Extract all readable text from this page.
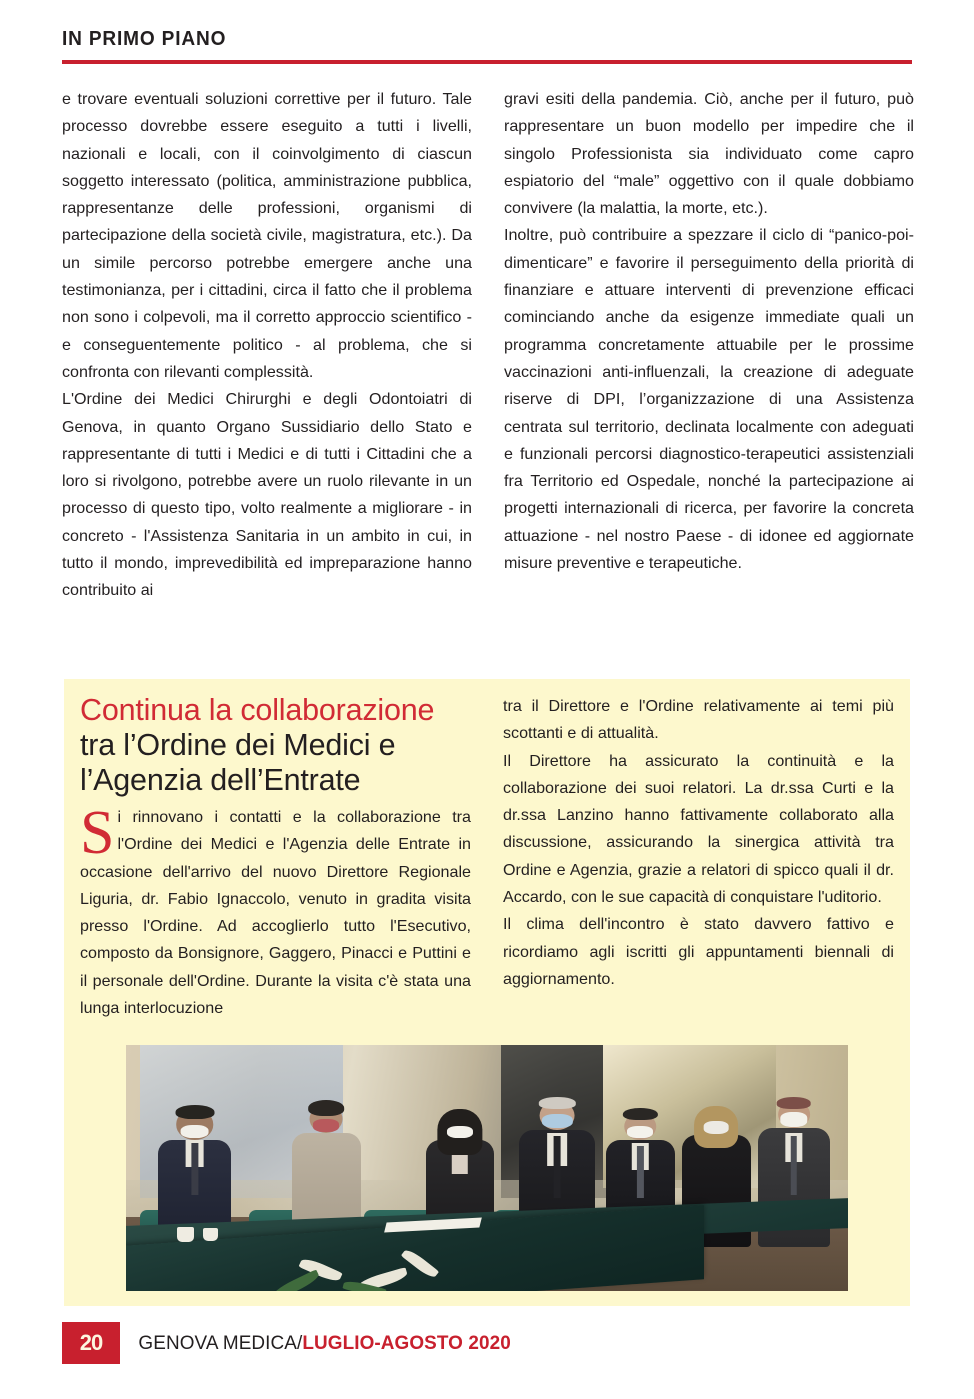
IN PRIMO PIANO

e trovare eventuali soluzioni correttive per il futuro. Tale processo dovrebbe essere eseguito a tutti i livelli, nazionali e locali, con il coinvolgimento di ciascun soggetto interessato (politica, amministrazione pubblica, rappresentanze delle professioni, organismi di partecipazione della società civile, magistratura, etc.). Da un simile percorso potrebbe emergere anche una testimonianza, per i cittadini, circa il fatto che il problema non sono i colpevoli, ma il corretto approccio scientifico - e conseguentemente politico - al problema, che si confronta con rilevanti complessità.

L'Ordine dei Medici Chirurghi e degli Odontoiatri di Genova, in quanto Organo Sussidiario dello Stato e rappresentante di tutti i Medici e di tutti i Cittadini che a loro si rivolgono, potrebbe avere un ruolo rilevante in un processo di questo tipo, volto realmente a migliorare - in concreto - l'Assistenza Sanitaria in un ambito in cui, in tutto il mondo, imprevedibilità ed impreparazione hanno contribuito ai

gravi esiti della pandemia. Ciò, anche per il futuro, può rappresentare un buon modello per impedire che il singolo Professionista sia individuato come capro espiatorio del “male” oggettivo con il quale dobbiamo convivere (la malattia, la morte, etc.).

Inoltre, può contribuire a spezzare il ciclo di “panico-poi-dimenticare” e favorire il perseguimento della priorità di finanziare e attuare interventi di prevenzione efficaci cominciando anche da esigenze immediate quali un programma concretamente attuabile per le prossime vaccinazioni anti-influenzali, la creazione di adeguate riserve di DPI, l’organizzazione di una Assistenza centrata sul territorio, declinata localmente con adeguati e funzionali percorsi diagnostico-terapeutici assistenziali fra Territorio ed Ospedale, nonché la partecipazione ai progetti internazionali di ricerca, per favorire la concreta attuazione - nel nostro Paese - di idonee ed aggiornate misure preventive e terapeutiche.

Continua la collaborazione
tra l’Ordine dei Medici e
l’Agenzia dell’Entrate

Si rinnovano i contatti e la collaborazione tra l'Ordine dei Medici e l'Agenzia delle Entrate in occasione dell'arrivo del nuovo Direttore Regionale Liguria, dr. Fabio Ignaccolo, venuto in gradita visita presso l'Ordine. Ad accoglierlo tutto l'Esecutivo, composto da Bonsignore, Gaggero, Pinacci e Puttini e il personale dell'Ordine. Durante la visita c'è stata una lunga interlocuzione

tra il Direttore e l'Ordine relativamente ai temi più scottanti e di attualità.

Il Direttore ha assicurato la continuità e la collaborazione dei suoi relatori. La dr.ssa Curti e la dr.ssa Lanzino hanno fattivamente collaborato alla discussione, assicurando la sinergica attività tra Ordine e Agenzia, grazie a relatori di spicco quali il dr. Accardo, con le sue capacità di conquistare l'uditorio.

Il clima dell'incontro è stato davvero fattivo e ricordiamo agli iscritti gli appuntamenti biennali di aggiornamento.

20 GENOVA MEDICA/ LUGLIO-AGOSTO 2020
